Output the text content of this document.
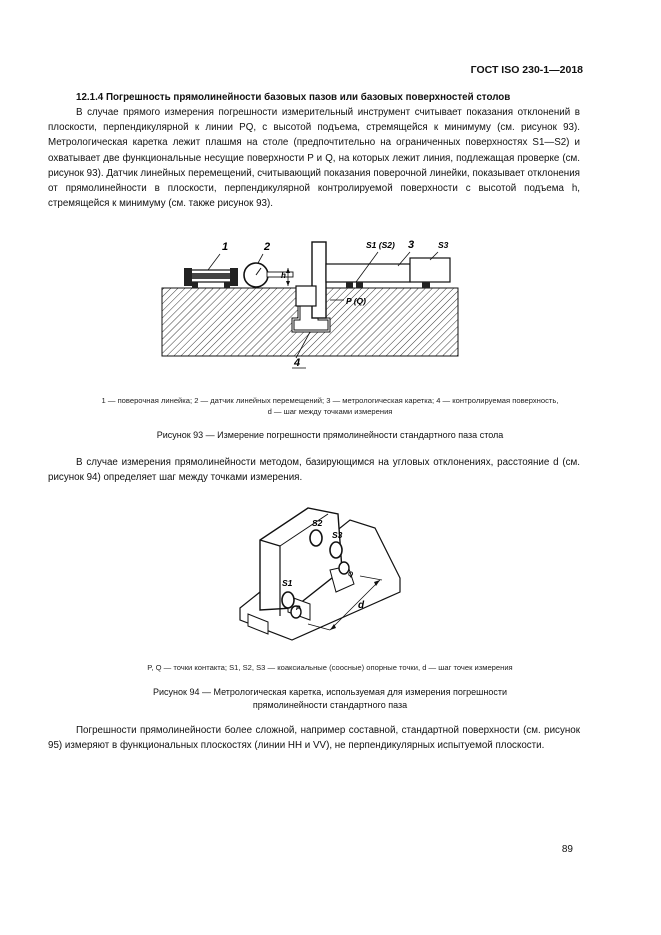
ГОСТ ISO 230-1—2018
12.1.4 Погрешность прямолинейности базовых пазов или базовых поверхностей столов

В случае прямого измерения погрешности измерительный инструмент считывает показания отклонений в плоскости, перпендикулярной к линии PQ, с высотой подъема, стремящейся к минимуму (см. рисунок 93). Метрологическая каретка лежит плашмя на столе (предпочтительно на ограниченных поверхностях S1—S2) и охватывает две функциональные несущие поверхности P и Q, на которых лежит линия, подлежащая проверке (см. рисунок 93). Датчик линейных перемещений, считывающий показания поверочной линейки, показывает отклонения от прямолинейности в плоскости, перпендикулярной контролируемой поверхности с высотой подъема h, стремящейся к минимуму (см. также рисунок 93).

1	2
h
S1 (S2) 3	S3
P (Q)
4
1 — поверочная линейка; 2 — датчик линейных перемещений; 3 — метрологическая каретка; 4 — контролируемая поверхность,
d — шаг между точками измерения
Рисунок 93 — Измерение погрешности прямолинейности стандартного паза стола

В случае измерения прямолинейности методом, базирующимся на угловых отклонениях, расстояние d (см. рисунок 94) определяет шаг между точками измерения.

S2
S3
S1
P
Q
d
P, Q — точки контакта; S1, S2, S3 — коаксиальные (соосные) опорные точки, d — шаг точек измерения
Рисунок 94 — Метрологическая каретка, используемая для измерения погрешности
прямолинейности стандартного паза

Погрешности прямолинейности более сложной, например составной, стандартной поверхности (см. рисунок 95) измеряют в функциональных плоскостях (линии HH и VV), не перпендикулярных испытуемой плоскости.

89
